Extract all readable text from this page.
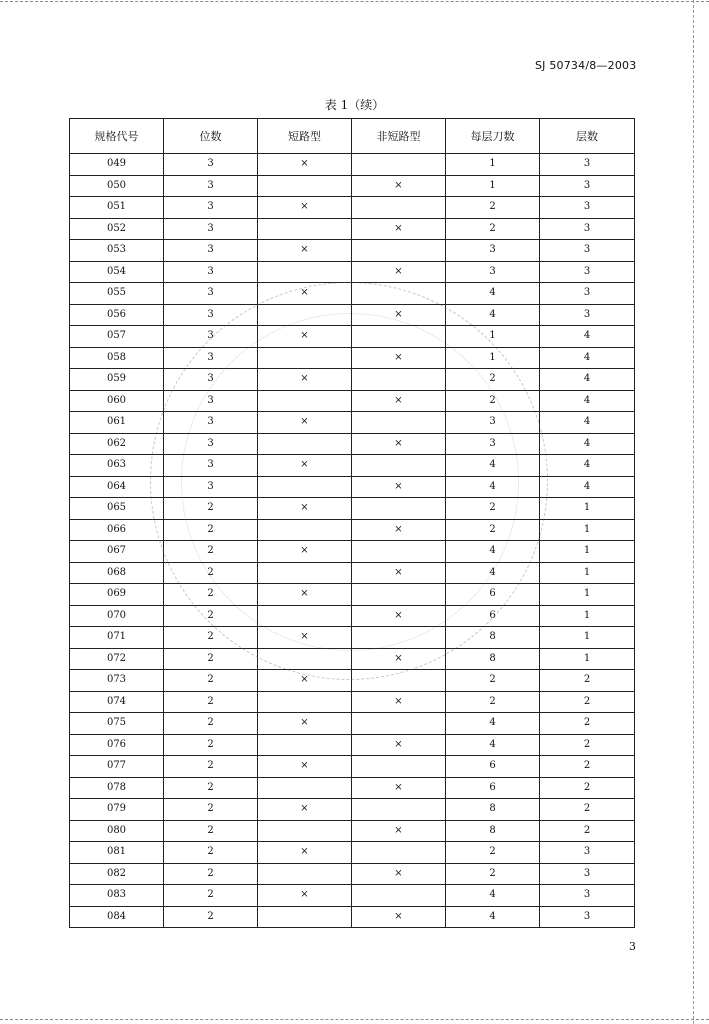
SJ 50734/8—2003
表 1（续）
规格代号	位数	短路型	非短路型	每层刀数	层数
049	3	×		1	3
050	3		×	1	3
051	3	×		2	3
052	3		×	2	3
053	3	×		3	3
054	3		×	3	3
055	3	×		4	3
056	3		×	4	3
057	3	×		1	4
058	3		×	1	4
059	3	×		2	4
060	3		×	2	4
061	3	×		3	4
062	3		×	3	4
063	3	×		4	4
064	3		×	4	4
065	2	×		2	1
066	2		×	2	1
067	2	×		4	1
068	2		×	4	1
069	2	×		6	1
070	2		×	6	1
071	2	×		8	1
072	2		×	8	1
073	2	×		2	2
074	2		×	2	2
075	2	×		4	2
076	2		×	4	2
077	2	×		6	2
078	2		×	6	2
079	2	×		8	2
080	2		×	8	2
081	2	×		2	3
082	2		×	2	3
083	2	×		4	3
084	2		×	4	3
3
